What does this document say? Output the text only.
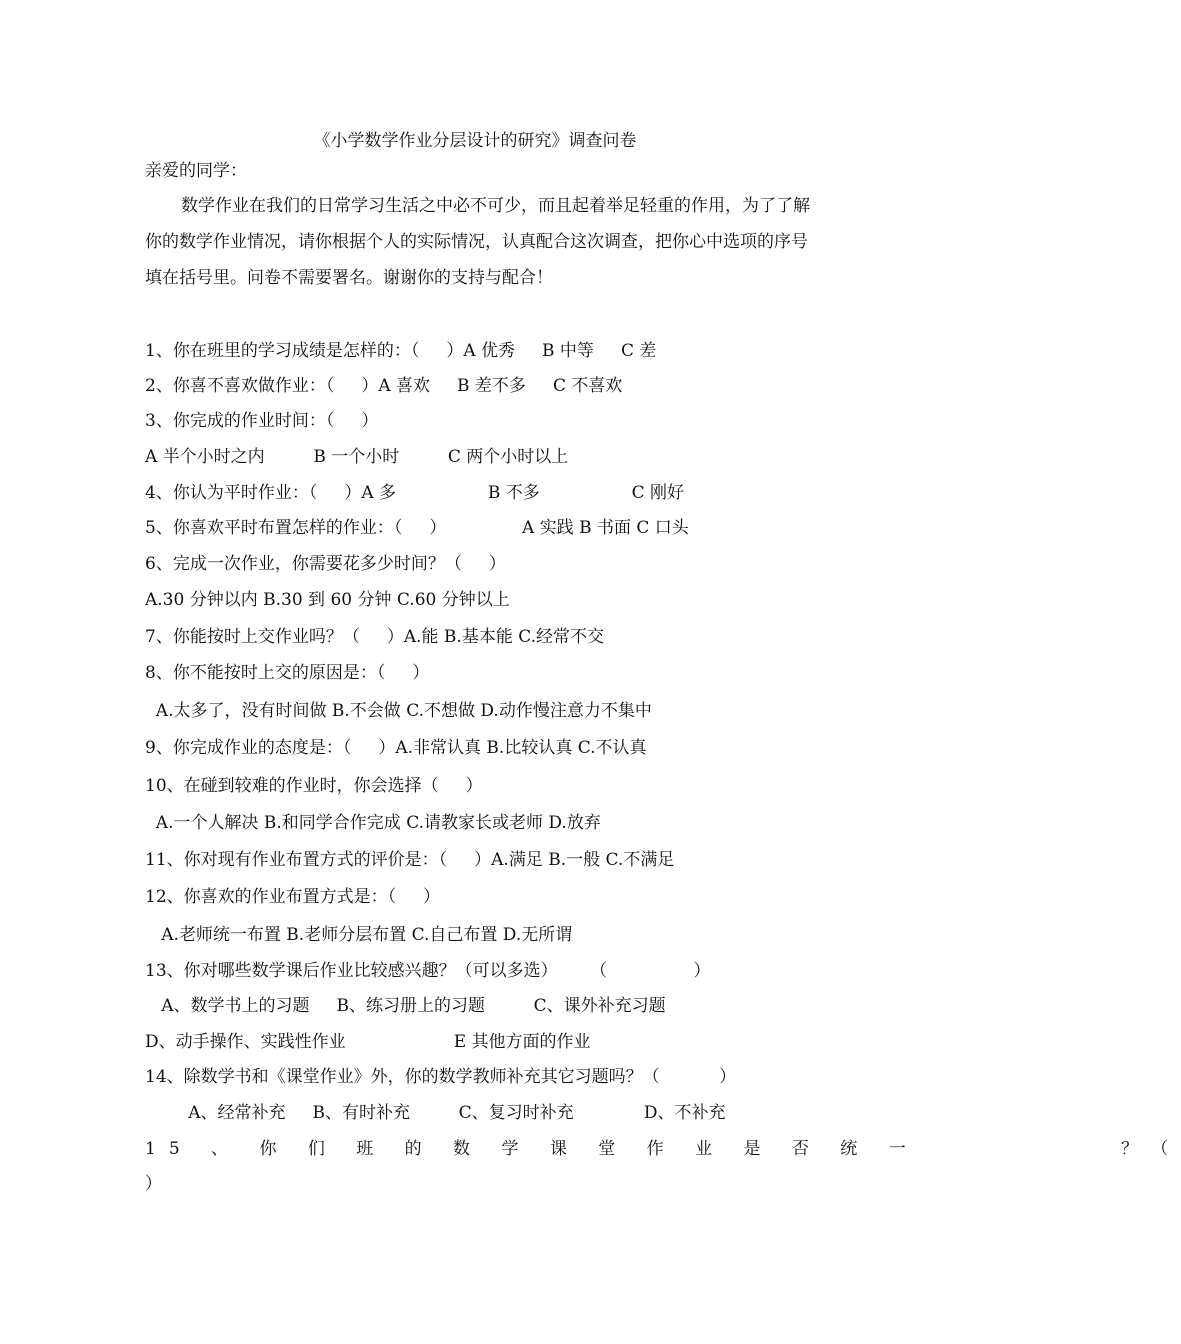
《小学数学作业分层设计的研究》调查问卷
亲爱的同学：
数学作业在我们的日常学习生活之中必不可少，而且起着举足轻重的作用，为了了解你的数学作业情况，请你根据个人的实际情况，认真配合这次调查，把你心中选项的序号填在括号里。问卷不需要署名。谢谢你的支持与配合！
1、你在班里的学习成绩是怎样的：（     ）A 优秀     B 中等     C 差
2、你喜不喜欢做作业：（     ）A 喜欢     B 差不多     C 不喜欢
3、你完成的作业时间：（     ）
A 半个小时之内         B 一个小时         C 两个小时以上
4、你认为平时作业：（     ）A 多                 B 不多                 C 刚好
5、你喜欢平时布置怎样的作业：（     ）              A 实践 B 书面 C 口头
6、完成一次作业，你需要花多少时间？（     ）
A.30 分钟以内 B.30 到 60 分钟 C.60 分钟以上
7、你能按时上交作业吗？（     ）A.能 B.基本能 C.经常不交
8、你不能按时上交的原因是：（     ）
A.太多了，没有时间做 B.不会做 C.不想做 D.动作慢注意力不集中
9、你完成作业的态度是：（     ）A.非常认真 B.比较认真 C.不认真
10、在碰到较难的作业时，你会选择（     ）
A.一个人解决 B.和同学合作完成 C.请教家长或老师 D.放弃
11、你对现有作业布置方式的评价是：（     ）A.满足 B.一般 C.不满足
12、你喜欢的作业布置方式是：（     ）
A.老师统一布置 B.老师分层布置 C.自己布置 D.无所谓
13、你对哪些数学课后作业比较感兴趣？（可以多选）      （                ）
A、数学书上的习题     B、练习册上的习题         C、课外补充习题
D、动手操作、实践性作业                    E 其他方面的作业
14、除数学书和《课堂作业》外，你的数学教师补充其它习题吗？（           ）
A、经常补充     B、有时补充         C、复习时补充             D、不补充
15 、 你 们 班 的 数 学 课 堂 作 业 是 否 统 一           ？（
）
